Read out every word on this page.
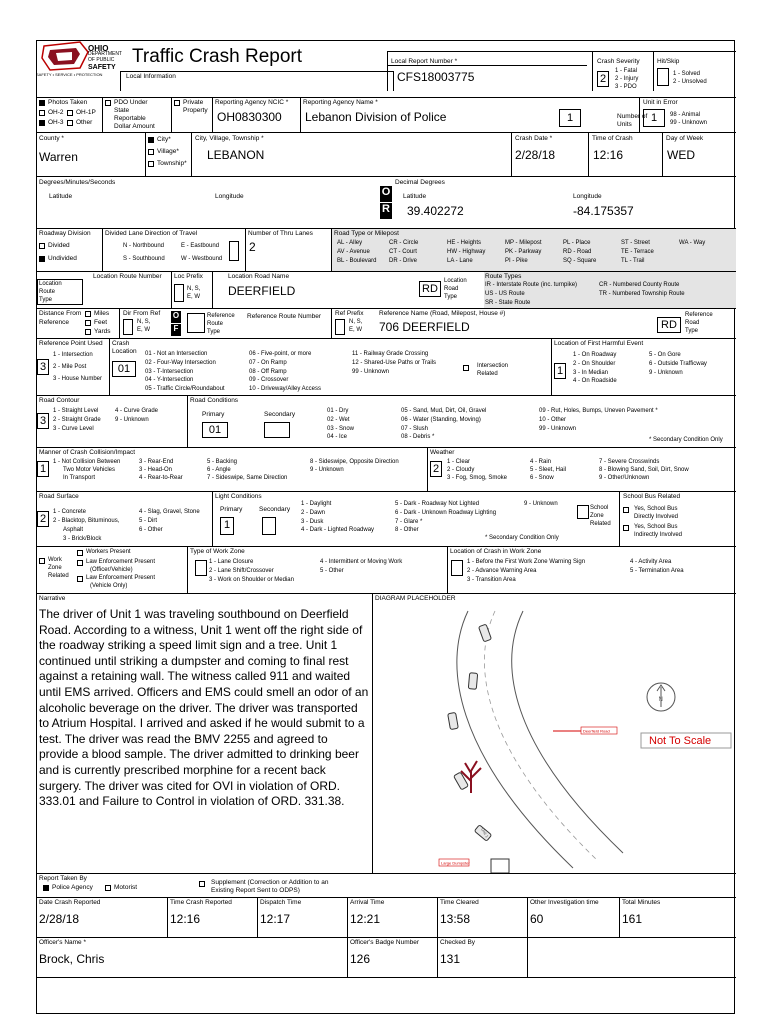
OHIO
DEPARTMENT
OF PUBLIC
SAFETY
SAFETY • SERVICE • PROTECTION
Traffic Crash Report
Local Information
Local Report Number *
CFS18003775
Crash Severity
2
1 - Fatal
2 - Injury
3 - PDO
Hit/Skip
1 - Solved
2 - Unsolved
Photos Taken
OH-2 OH-1P
OH-3 Other
PDO Under
State
Reportable
Dollar Amount
Private
Property
Reporting Agency NCIC *
OH0830300
Reporting Agency Name *
Lebanon Division of Police	1	Number of
Units
Unit in Error
1	98 - Animal
99 - Unknown
County *
Warren
City*
Village*
Township*
City, Village, Township *
LEBANON
Crash Date *
2/28/18
Time of Crash
12:16
Day of Week
WED
Degrees/Minutes/Seconds
Latitude	Longitude	O
R
Decimal Degrees
Latitude	Longitude
39.402272	-84.175357
Roadway Division
Divided
Undivided
Divided Lane Direction of Travel
N - Northbound	E - Eastbound
S - Southbound	W - Westbound
Number of Thru Lanes
2
Road Type or Milepost
Location
Route
Type
Location Route Number Loc Prefix
N, S,
E, W
Location Road Name
DEERFIELD	RD
Location
Road
Type
Route Types
IR - Interstate Route (inc. turnpike)
US - US Route
SR - State Route
CR - Numbered County Route
TR - Numbered Township Route
Distance From
Reference
Miles
Feet
Yards
Dir From Ref
N, S,
E, W
O
F
Reference
Route
Type
Reference Route Number Ref Prefix
N, S,
E, W
Reference Name (Road, Milepost, House #)
706 DEERFIELD	RD
Reference
Road
Type
Reference Point Used
3
1 - Intersection
2 - Mile Post
3 - House Number
Crash
Location
01	Intersection
Related
Location of First Harmful Event
1
Road Contour
3
1 - Straight Level
2 - Straight Grade
3 - Curve Level
4 - Curve Grade
9 - Unknown
Road Conditions
Primary	Secondary
01
* Secondary Condition Only
Manner of Crash Collision/Impact
1
1 - Not Collision Between
Two Motor Vehicles
In Transport
3 - Rear-End
3 - Head-On
4 - Rear-to-Rear
5 - Backing
6 - Angle
7 - Sideswipe, Same Direction
8 - Sideswipe, Opposite Direction
9 - Unknown
Weather
2
1 - Clear
2 - Cloudy
3 - Fog, Smog, Smoke
4 - Rain
5 - Sleet, Hail
6 - Snow
7 - Severe Crosswinds
8 - Blowing Sand, Soil, Dirt, Snow
9 - Other/Unknown
Road Surface
2
1 - Concrete
2 - Blacktop, Bituminous,
Asphalt
3 - Brick/Block
4 - Slag, Gravel, Stone
5 - Dirt
6 - Other
Light Conditions
Primary	Secondary
1
9 - Unknown
* Secondary Condition Only
School Bus Related
School
Zone
Related
Yes, School Bus
Directly Involved
Yes, School Bus
Indirectly Involved
Work
Zone
Related
Workers Present
Law Enforcement Present
(Officer/Vehicle)
Law Enforcement Present
(Vehicle Only)
Type of Work Zone
1 - Lane Closure
2 - Lane Shift/Crossover
3 - Work on Shoulder or Median
4 - Intermittent or Moving Work
5 - Other
Location of Crash in Work Zone
1 - Before the First Work Zone Warning Sign
2 - Advance Warning Area
3 - Transition Area
4 - Activity Area
5 - Termination Area
Narrative
The driver of Unit 1 was traveling southbound on Deerfield
Road. According to a witness, Unit 1 went off the right side of
the roadway striking a speed limit sign and a tree. Unit 1
continued until striking a dumpster and coming to final rest
against a retaining wall. The witness called 911 and waited
until EMS arrived. Officers and EMS could smell an odor of an
alcoholic beverage on the driver. The driver was transported
to Atrium Hospital. I arrived and asked if he would submit to a
test. The driver was read the BMV 2255 and agreed to
provide a blood sample. The driver admitted to drinking beer
and is currently prescribed morphine for a recent back
surgery. The driver was cited for OVI in violation of ORD.
333.01 and Failure to Control in violation of ORD. 331.38.
DIAGRAM PLACEHOLDER
Deerfield Road
Large Dumpster
Unit 1
N
Not To Scale
Report Taken By
Police Agency	Motorist
Supplement (Correction or Addition to an
Existing Report Sent to ODPS)
Date Crash Reported
2/28/18
Time Crash Reported
12:16
Dispatch Time
12:17
Arrival Time
12:21
Time Cleared
13:58
Other Investigation time
60
Total Minutes
161
Officer's Name *
Brock, Chris
Officer's Badge Number
126
Checked By
131
AL - Alley
AV - Avenue
BL - Boulevard
CR - Circle
CT - Court
DR - Drive
HE - Heights
HW - Highway
LA - Lane
MP - Milepost
PK - Parkway
PI - Pike
PL - Place
RD - Road
SQ - Square
ST - Street
TE - Terrace
TL - Trail
WA - Way
01 - Not an Intersection
02 - Four-Way Intersection
03 - T-Intersection
04 - Y-Intersection
05 - Traffic Circle/Roundabout
06 - Five-point, or more
07 - On Ramp
08 - Off Ramp
09 - Crossover
10 - Driveway/Alley Access
11 - Railway Grade Crossing
12 - Shared-Use Paths or Trails
99 - Unknown
1 - On Roadway
2 - On Shoulder
3 - In Median
4 - On Roadside
5 - On Gore
6 - Outside Trafficway
9 - Unknown
01 - Dry
02 - Wet
03 - Snow
04 - Ice
05 - Sand, Mud, Dirt, Oil, Gravel
06 - Water (Standing, Moving)
07 - Slush
08 - Debris *
09 - Rut, Holes, Bumps, Uneven Pavement *
10 - Other
99 - Unknown
1 - Daylight
2 - Dawn
3 - Dusk
4 - Dark - Lighted Roadway
5 - Dark - Roadway Not Lighted
6 - Dark - Unknown Roadway Lighting
7 - Glare *
8 - Other
